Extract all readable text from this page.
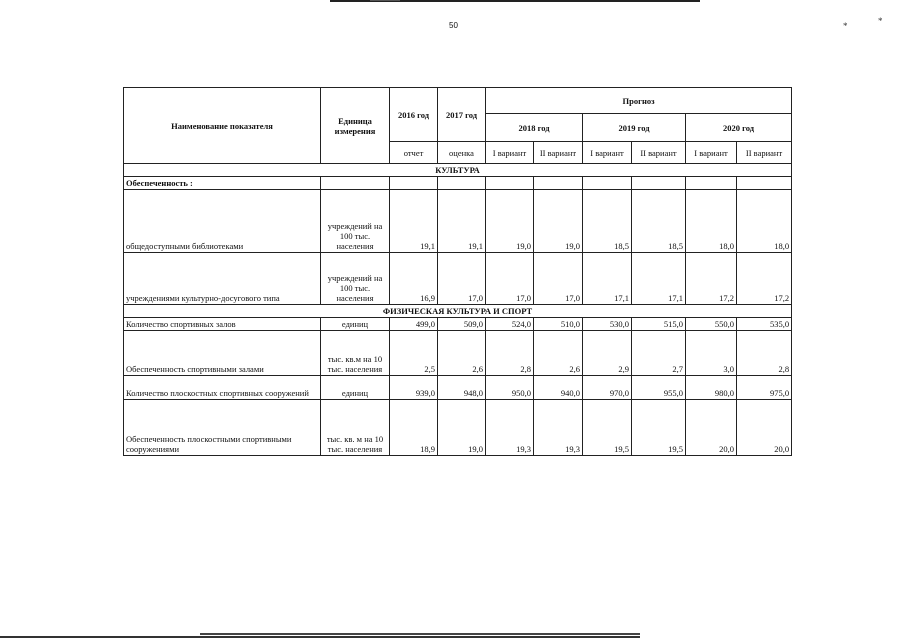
*	*
50
Наименование показателя	Единица измерения	2016 год	2017 год	Прогноз					
				2018 год		2019 год		2020 год	
		отчет	оценка	I вариант	II вариант	I вариант	II вариант	I вариант	II вариант
КУЛЬТУРА									
Обеспеченность :									
общедоступными библиотеками	учреждений на 100 тыс. населения	19,1	19,1	19,0	19,0	18,5	18,5	18,0	18,0
учреждениями культурно-досугового типа	учреждений на 100 тыс. населения	16,9	17,0	17,0	17,0	17,1	17,1	17,2	17,2
ФИЗИЧЕСКАЯ КУЛЬТУРА И СПОРТ									
Количество спортивных залов	единиц	499,0	509,0	524,0	510,0	530,0	515,0	550,0	535,0
Обеспеченность спортивными залами	тыс. кв.м на 10 тыс. населения	2,5	2,6	2,8	2,6	2,9	2,7	3,0	2,8
Количество плоскостных спортивных сооружений	единиц	939,0	948,0	950,0	940,0	970,0	955,0	980,0	975,0
Обеспеченность плоскостными спортивными сооружениями	тыс. кв. м на 10 тыс. населения	18,9	19,0	19,3	19,3	19,5	19,5	20,0	20,0
